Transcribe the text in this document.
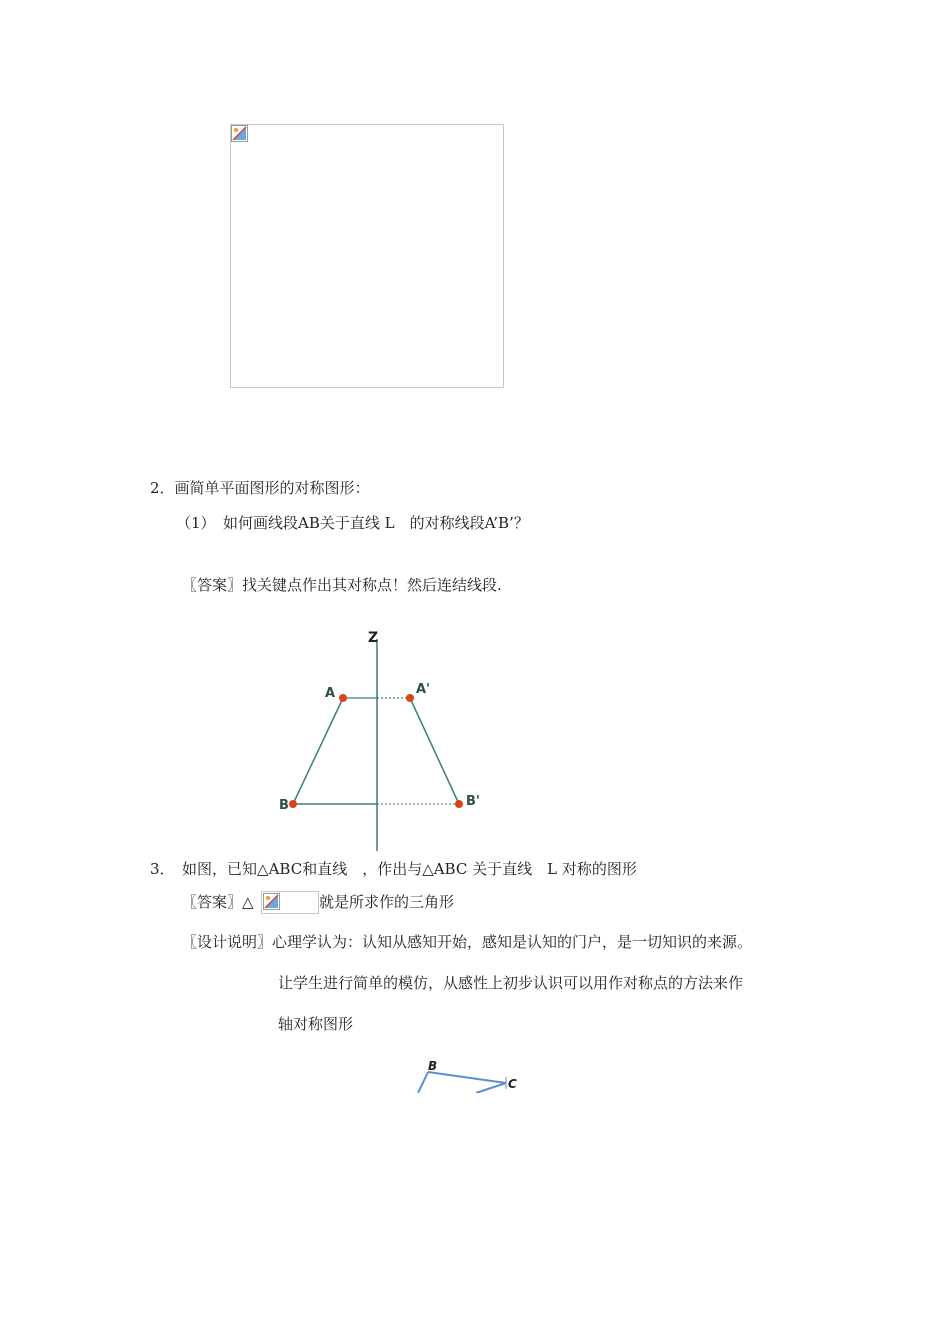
2．画简单平面图形的对称图形：
（1）　如何画线段AB关于直线 L　的对称线段A’B’？
〖答案〗找关键点作出其对称点！然后连结线段.
Z
A	A'
B	B'
3．　如图，已知△ABC和直线　，作出与△ABC 关于直线　L 对称的图形
〖答案〗△	就是所求作的三角形
〖设计说明〗心理学认为：认知从感知开始，感知是认知的门户，是一切知识的来源。
让学生进行简单的模仿，从感性上初步认识可以用作对称点的方法来作
轴对称图形
B
C
